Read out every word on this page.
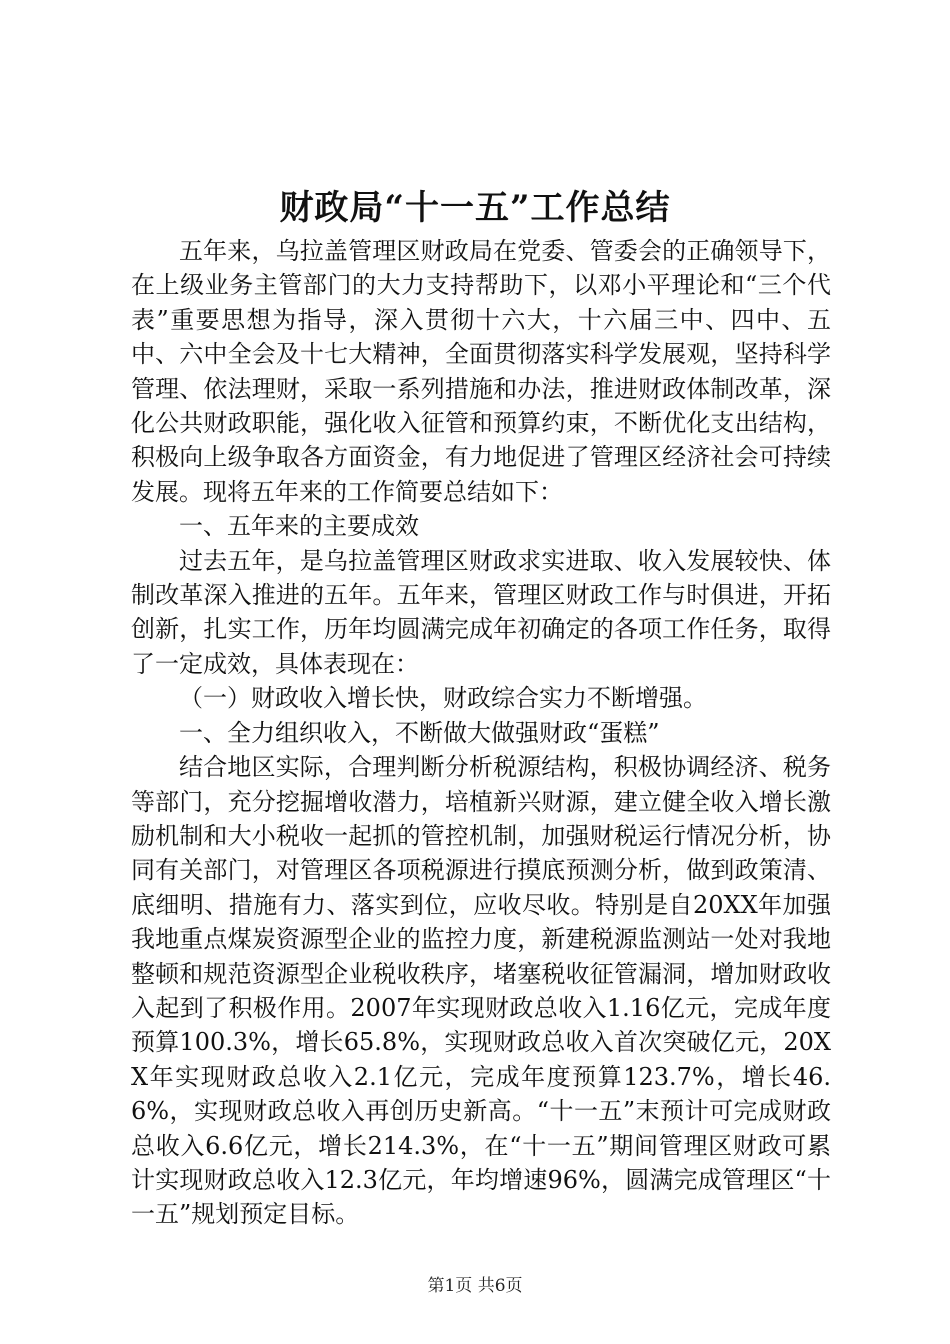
财政局“十一五”工作总结

五年来，乌拉盖管理区财政局在党委、管委会的正确领导下，在上级业务主管部门的大力支持帮助下，以邓小平理论和“三个代表”重要思想为指导，深入贯彻十六大，十六届三中、四中、五中、六中全会及十七大精神，全面贯彻落实科学发展观，坚持科学管理、依法理财，采取一系列措施和办法，推进财政体制改革，深化公共财政职能，强化收入征管和预算约束，不断优化支出结构，积极向上级争取各方面资金，有力地促进了管理区经济社会可持续发展。现将五年来的工作简要总结如下：

一、五年来的主要成效

过去五年，是乌拉盖管理区财政求实进取、收入发展较快、体制改革深入推进的五年。五年来，管理区财政工作与时俱进，开拓创新，扎实工作，历年均圆满完成年初确定的各项工作任务，取得了一定成效，具体表现在：

（一）财政收入增长快，财政综合实力不断增强。

一、全力组织收入，不断做大做强财政“蛋糕”

结合地区实际，合理判断分析税源结构，积极协调经济、税务等部门，充分挖掘增收潜力，培植新兴财源，建立健全收入增长激励机制和大小税收一起抓的管控机制，加强财税运行情况分析，协同有关部门，对管理区各项税源进行摸底预测分析，做到政策清、底细明、措施有力、落实到位，应收尽收。特别是自20XX年加强我地重点煤炭资源型企业的监控力度，新建税源监测站一处对我地整顿和规范资源型企业税收秩序，堵塞税收征管漏洞，增加财政收入起到了积极作用。2007年实现财政总收入1.16亿元，完成年度预算100.3%，增长65.8%，实现财政总收入首次突破亿元，20XX年实现财政总收入2.1亿元，完成年度预算123.7%，增长46.6%，实现财政总收入再创历史新高。“十一五”末预计可完成财政总收入6.6亿元，增长214.3%，在“十一五”期间管理区财政可累计实现财政总收入12.3亿元，年均增速96%，圆满完成管理区“十一五”规划预定目标。

第1页 共6页
